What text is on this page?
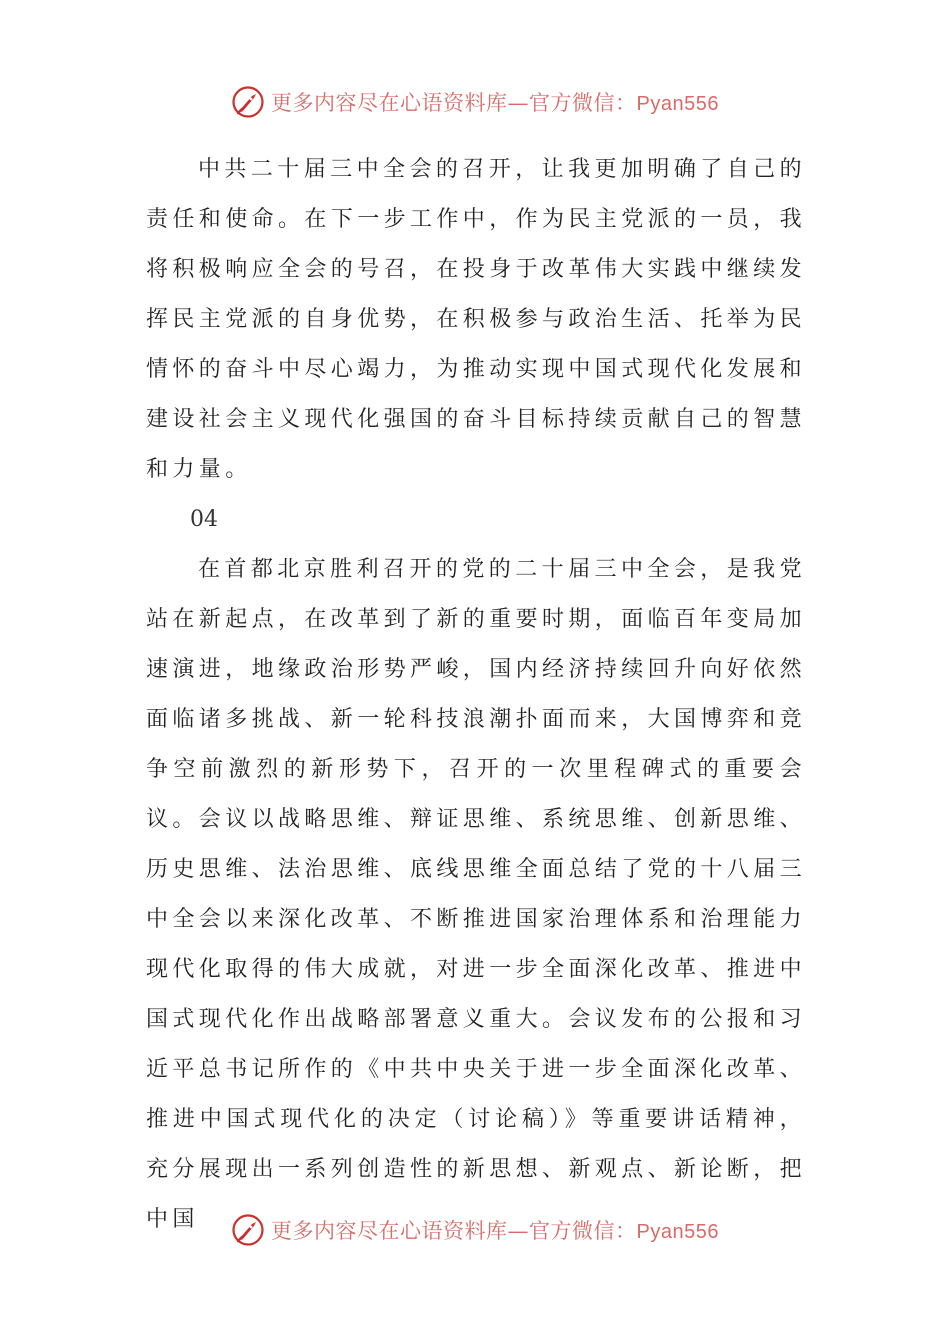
更多内容尽在心语资料库—官方微信：Pyan556

中共二十届三中全会的召开，让我更加明确了自己的责任和使命。在下一步工作中，作为民主党派的一员，我将积极响应全会的号召，在投身于改革伟大实践中继续发挥民主党派的自身优势，在积极参与政治生活、托举为民情怀的奋斗中尽心竭力，为推动实现中国式现代化发展和建设社会主义现代化强国的奋斗目标持续贡献自己的智慧和力量。

04

在首都北京胜利召开的党的二十届三中全会，是我党站在新起点，在改革到了新的重要时期，面临百年变局加速演进，地缘政治形势严峻，国内经济持续回升向好依然面临诸多挑战、新一轮科技浪潮扑面而来，大国博弈和竞争空前激烈的新形势下，召开的一次里程碑式的重要会议。会议以战略思维、辩证思维、系统思维、创新思维、历史思维、法治思维、底线思维全面总结了党的十八届三中全会以来深化改革、不断推进国家治理体系和治理能力现代化取得的伟大成就，对进一步全面深化改革、推进中国式现代化作出战略部署意义重大。会议发布的公报和习近平总书记所作的《中共中央关于进一步全面深化改革、推进中国式现代化的决定（讨论稿）》等重要讲话精神，充分展现出一系列创造性的新思想、新观点、新论断，把中国	更多内容尽在心语资料库—官方微信：Pyan556
